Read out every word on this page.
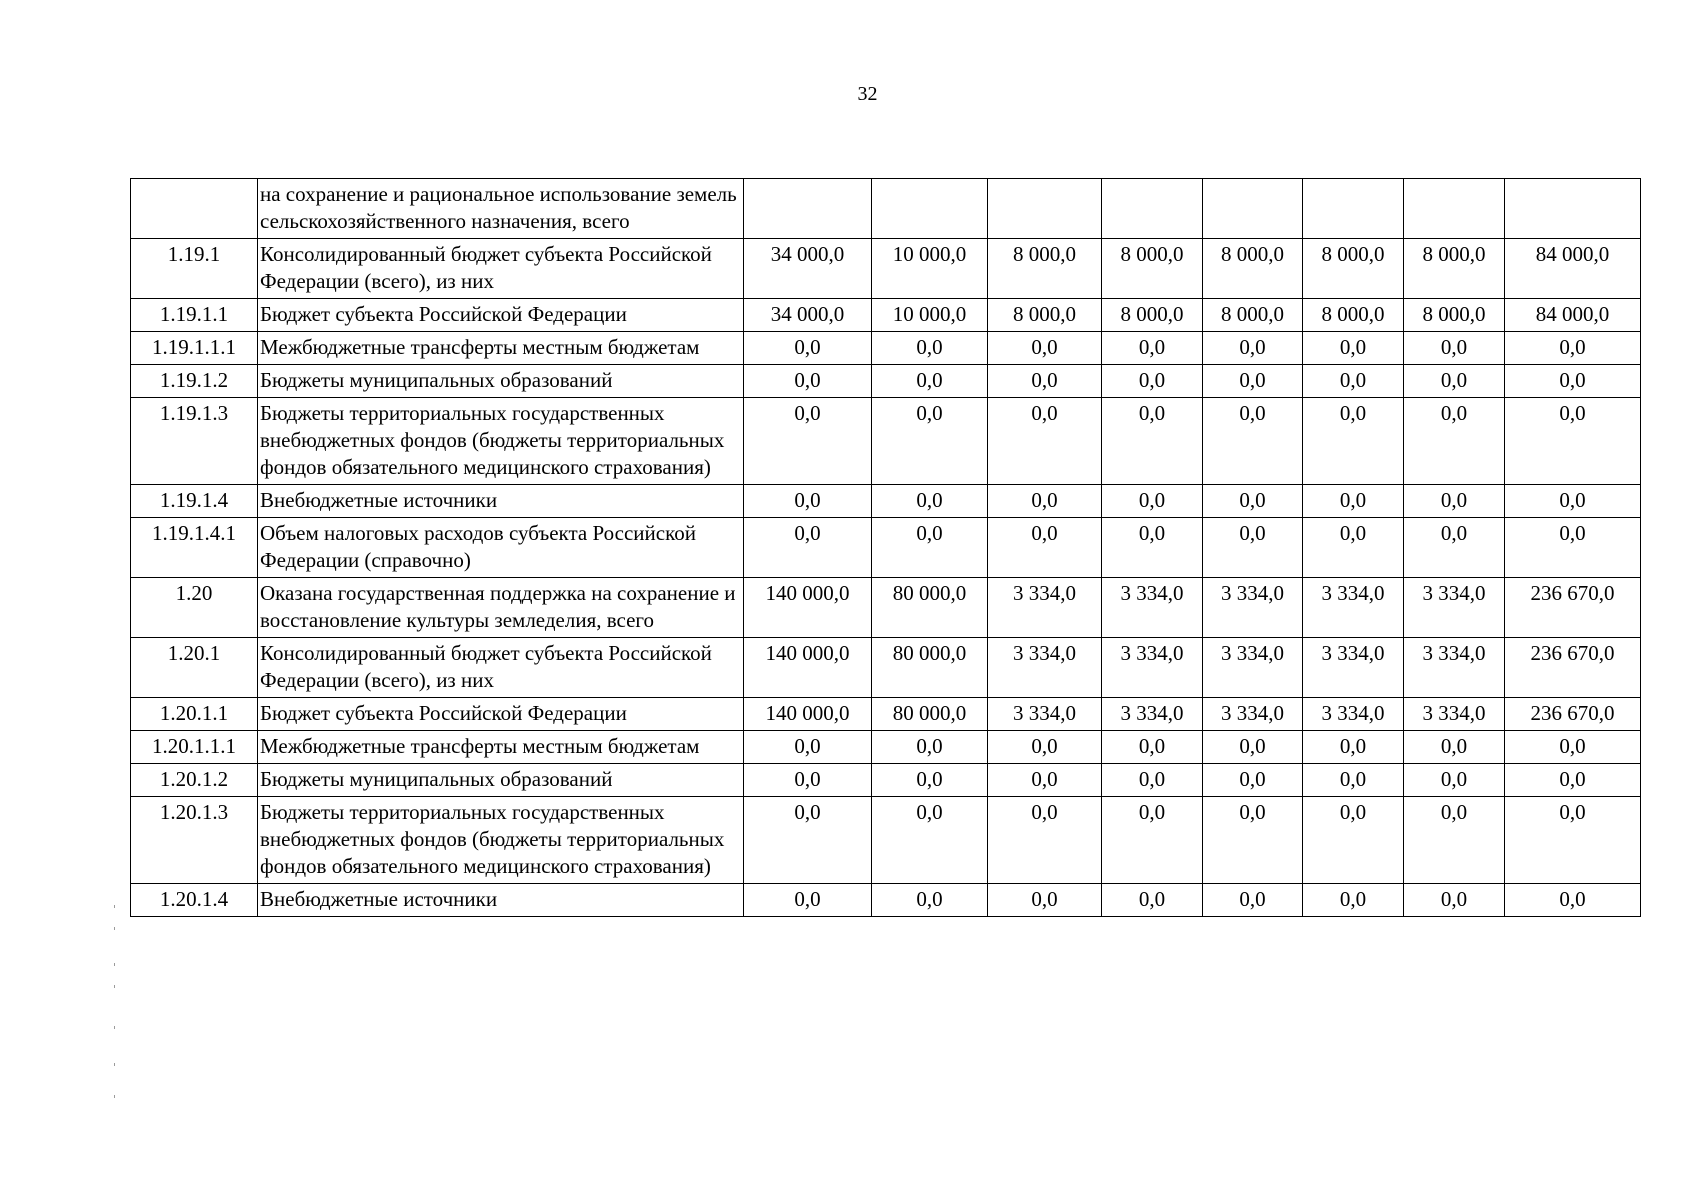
32
	на сохранение и рациональное использование земель сельскохозяйственного назначения, всего								
1.19.1	Консолидированный бюджет субъекта Российской Федерации (всего), из них	34 000,0	10 000,0	8 000,0	8 000,0	8 000,0	8 000,0	8 000,0	84 000,0
1.19.1.1	Бюджет субъекта Российской Федерации	34 000,0	10 000,0	8 000,0	8 000,0	8 000,0	8 000,0	8 000,0	84 000,0
1.19.1.1.1	Межбюджетные трансферты местным бюджетам	0,0	0,0	0,0	0,0	0,0	0,0	0,0	0,0
1.19.1.2	Бюджеты муниципальных образований	0,0	0,0	0,0	0,0	0,0	0,0	0,0	0,0
1.19.1.3	Бюджеты территориальных государственных внебюджетных фондов (бюджеты территориальных фондов обязательного медицинского страхования)	0,0	0,0	0,0	0,0	0,0	0,0	0,0	0,0
1.19.1.4	Внебюджетные источники	0,0	0,0	0,0	0,0	0,0	0,0	0,0	0,0
1.19.1.4.1	Объем налоговых расходов субъекта Российской Федерации (справочно)	0,0	0,0	0,0	0,0	0,0	0,0	0,0	0,0
1.20	Оказана государственная поддержка на сохранение и восстановление культуры земледелия, всего	140 000,0	80 000,0	3 334,0	3 334,0	3 334,0	3 334,0	3 334,0	236 670,0
1.20.1	Консолидированный бюджет субъекта Российской Федерации (всего), из них	140 000,0	80 000,0	3 334,0	3 334,0	3 334,0	3 334,0	3 334,0	236 670,0
1.20.1.1	Бюджет субъекта Российской Федерации	140 000,0	80 000,0	3 334,0	3 334,0	3 334,0	3 334,0	3 334,0	236 670,0
1.20.1.1.1	Межбюджетные трансферты местным бюджетам	0,0	0,0	0,0	0,0	0,0	0,0	0,0	0,0
1.20.1.2	Бюджеты муниципальных образований	0,0	0,0	0,0	0,0	0,0	0,0	0,0	0,0
1.20.1.3	Бюджеты территориальных государственных внебюджетных фондов (бюджеты территориальных фондов обязательного медицинского страхования)	0,0	0,0	0,0	0,0	0,0	0,0	0,0	0,0
1.20.1.4	Внебюджетные источники	0,0	0,0	0,0	0,0	0,0	0,0	0,0	0,0
